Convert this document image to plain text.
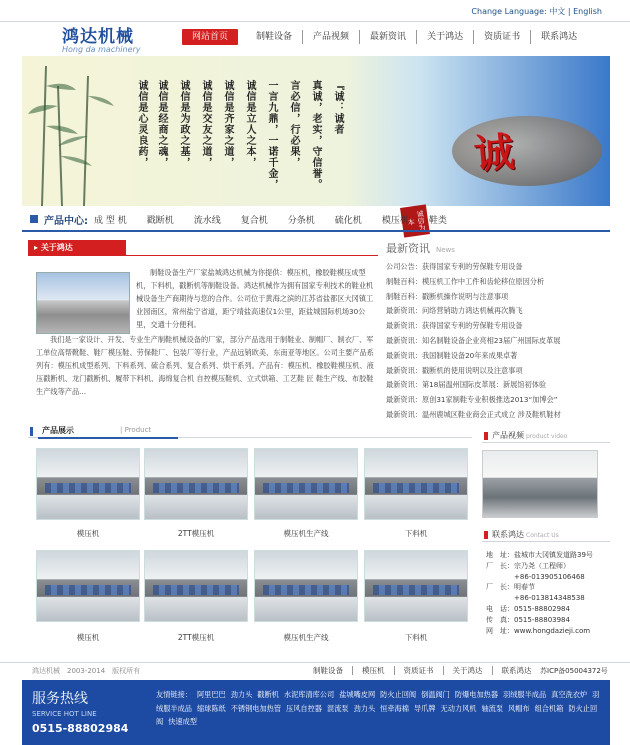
Change Language: 中文 | English
鸿达机械
Hong da machinery
网站首页	制鞋设备	产品视频	最新资讯	关于鸿达	资质证书	联系鸿达
诚信是心灵良药， 诚信是经商之魂， 诚信是为政之基， 诚信是交友之道， 诚信是齐家之道， 诚信是立人之本， 一言九鼎，一诺千金， 言必信，行必果， 真诚，老实，守信誉。 『诚：诚者
诚
诚信为本
产品中心: 成 型 机 戳断机 流水线 复合机 分条机 硫化机 模压机 鞋类
▸ 关于鸿达

制鞋设备生产厂家盐城鸿达机械为你提供：模压机，橡胶鞋模压成型机，下料机，戳断机等制鞋设备。鸿达机械作为拥有国家专利技术的鞋业机械设备生产商期待与您的合作。公司位于黄海之滨的江苏省盐都区大冈镇工业园南区，常州盐宁省道，距宁靖盐高速仅1公里，距盐城国际机场30公里，交通十分便利。

我们是一家设计、开发、专业生产制鞋机械设备的厂家，部分产品选用于制鞋业、制帽厂、制衣厂、军工单位高帮靴鞋、鞋厂模压鞋、劳保鞋厂、包装厂等行业，产品远销欧美、东南亚等地区。公司主要产品系列有：模压机成型系列、下料系列、硫合系列、复合系列、烘干系列。产品有：模压机、橡胶鞋模压机、液压戳断机、龙门戳断机、履带下料机、海绵复合机 自控模压鞋机、立式烘箱、工艺鞋 匠 鞋生产线、布胶鞋生产线等产品...

最新资讯 News
公司公告：获得国家专利的劳保鞋专用设备
制鞋百科：模压机工作中工件和齿轮移位原因分析
制鞋百科：戳断机操作说明与注意事项
最新资讯：问络营销助力鸿达机械再次腾飞
最新资讯：获得国家专利的劳保鞋专用设备
最新资讯：知名制鞋设备企业亮相23届广州国际皮革展
最新资讯：我国制鞋设备20年来成果卓著
最新资讯：戳断机的使用说明以及注意事项
最新资讯：第18届温州国际皮革展：新展馆初体验
最新资讯：原创31家制鞋专业积极推选2013“加博会”
最新资讯：温州鹿城区鞋业商会正式成立 涉及鞋机鞋材
产品展示	| Product
模压机	2TT模压机	模压机生产线	下料机
模压机	2TT模压机	模压机生产线	下料机
产品视频 product video
联系鸿达 Contact Us
地　址： 盐城市大冈镇发道路39号
厂　长： 宗乃尧（工程师）
+86-013905106468
厂　长： 明春节
+86-013814348538
电　话： 0515-88802984
传　真： 0515-88803984
网　址： www.hongdazieji.com
鸿达机械　2003-2014　版权所有	制鞋设备	模压机	资质证书	关于鸿达	联系鸿达	苏ICP备05004372号
服务热线
SERVICE HOT LINE
0515-88802984
友情链接： 阿里巴巴 劲力头 戳断机 水泥库清库公司 盐城嘴皮网 防火止回阀 倒温阀门 防爆电加热器 羽绒服半成品 真空洗衣炉 羽绒服半成品 缩球陈纸 不锈钢电加热管 压风自控器 混流泵 劲力头 恒牵海棉 导爪牌 无动力风机 轴流泵 风帽布 组合机箱 防火止回阀 快速成型
